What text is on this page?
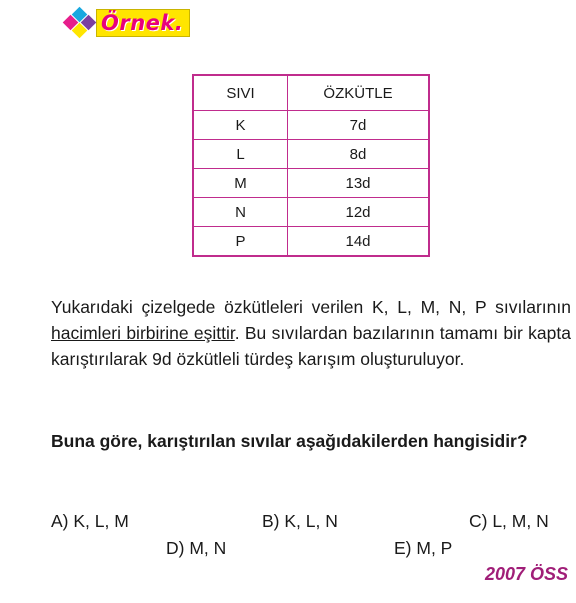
Örnek.
SIVI	ÖZKÜTLE
K	7d
L	8d
M	13d
N	12d
P	14d
Yukarıdaki çizelgede özkütleleri verilen K, L, M, N, P sıvılarının hacimleri birbirine eşittir. Bu sıvılardan bazılarının tamamı bir kapta karıştırılarak 9d özkütleli türdeş karışım oluşturuluyor.
Buna göre, karıştırılan sıvılar aşağıdakilerden hangisidir?
A) K, L, M	B) K, L, N	C) L, M, N
D) M, N	E) M, P
2007 ÖSS
